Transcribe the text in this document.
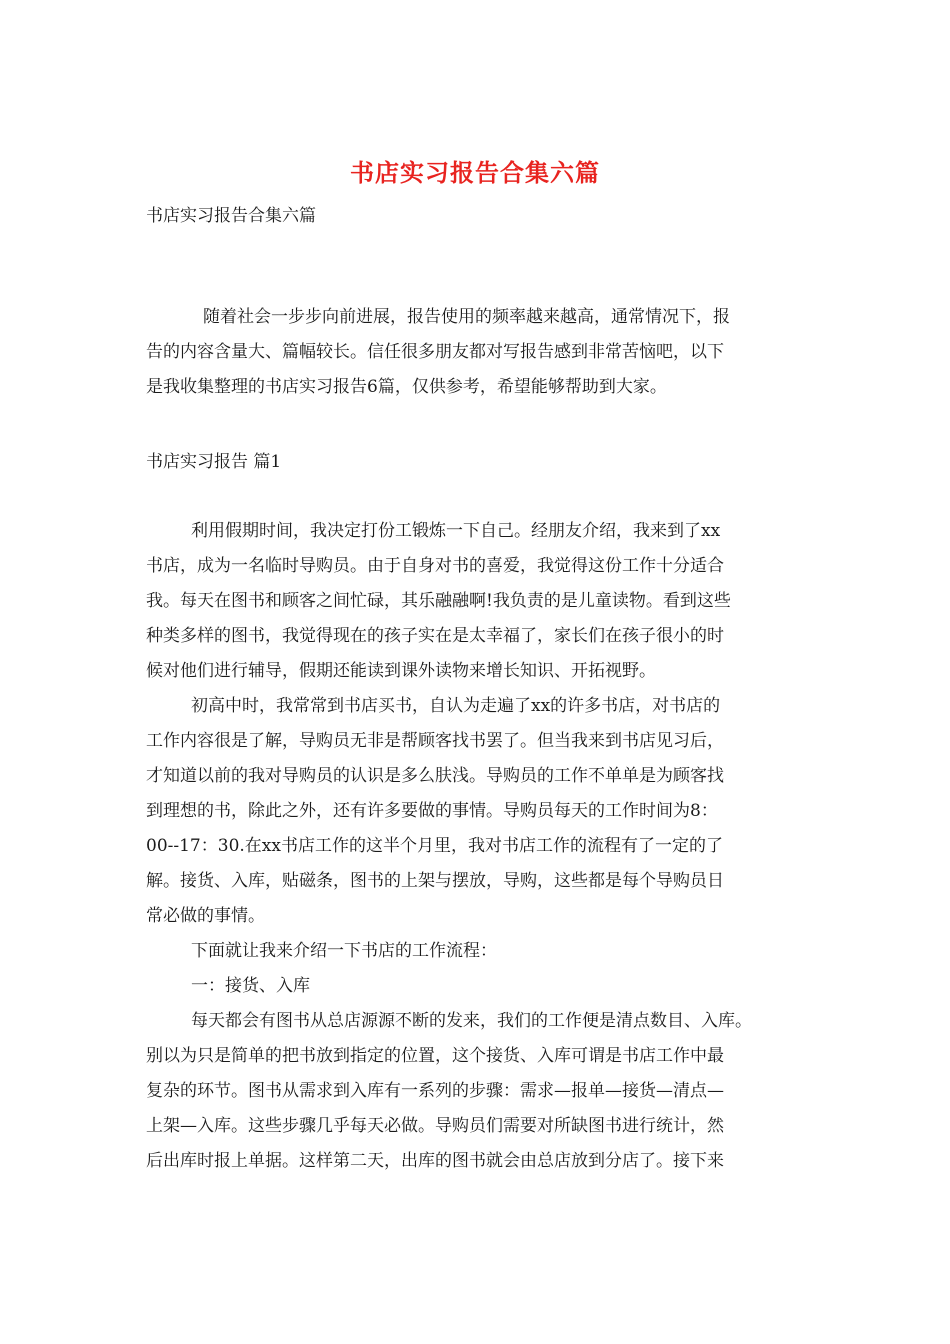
书店实习报告合集六篇
书店实习报告合集六篇
随着社会一步步向前进展，报告使用的频率越来越高，通常情况下，报
告的内容含量大、篇幅较长。信任很多朋友都对写报告感到非常苦恼吧，以下
是我收集整理的书店实习报告6篇，仅供参考，希望能够帮助到大家。
书店实习报告 篇1
利用假期时间，我决定打份工锻炼一下自己。经朋友介绍，我来到了xx
书店，成为一名临时导购员。由于自身对书的喜爱，我觉得这份工作十分适合
我。每天在图书和顾客之间忙碌，其乐融融啊!我负责的是儿童读物。看到这些
种类多样的图书，我觉得现在的孩子实在是太幸福了，家长们在孩子很小的时
候对他们进行辅导，假期还能读到课外读物来增长知识、开拓视野。
初高中时，我常常到书店买书，自认为走遍了xx的许多书店，对书店的
工作内容很是了解，导购员无非是帮顾客找书罢了。但当我来到书店见习后，
才知道以前的我对导购员的认识是多么肤浅。导购员的工作不单单是为顾客找
到理想的书，除此之外，还有许多要做的事情。导购员每天的工作时间为8：
00--17：30.在xx书店工作的这半个月里，我对书店工作的流程有了一定的了
解。接货、入库，贴磁条，图书的上架与摆放，导购，这些都是每个导购员日
常必做的事情。
下面就让我来介绍一下书店的工作流程：
一：接货、入库
每天都会有图书从总店源源不断的发来，我们的工作便是清点数目、入库。
别以为只是简单的把书放到指定的位置，这个接货、入库可谓是书店工作中最
复杂的环节。图书从需求到入库有一系列的步骤：需求—报单—接货—清点—
上架—入库。这些步骤几乎每天必做。导购员们需要对所缺图书进行统计，然
后出库时报上单据。这样第二天，出库的图书就会由总店放到分店了。接下来
